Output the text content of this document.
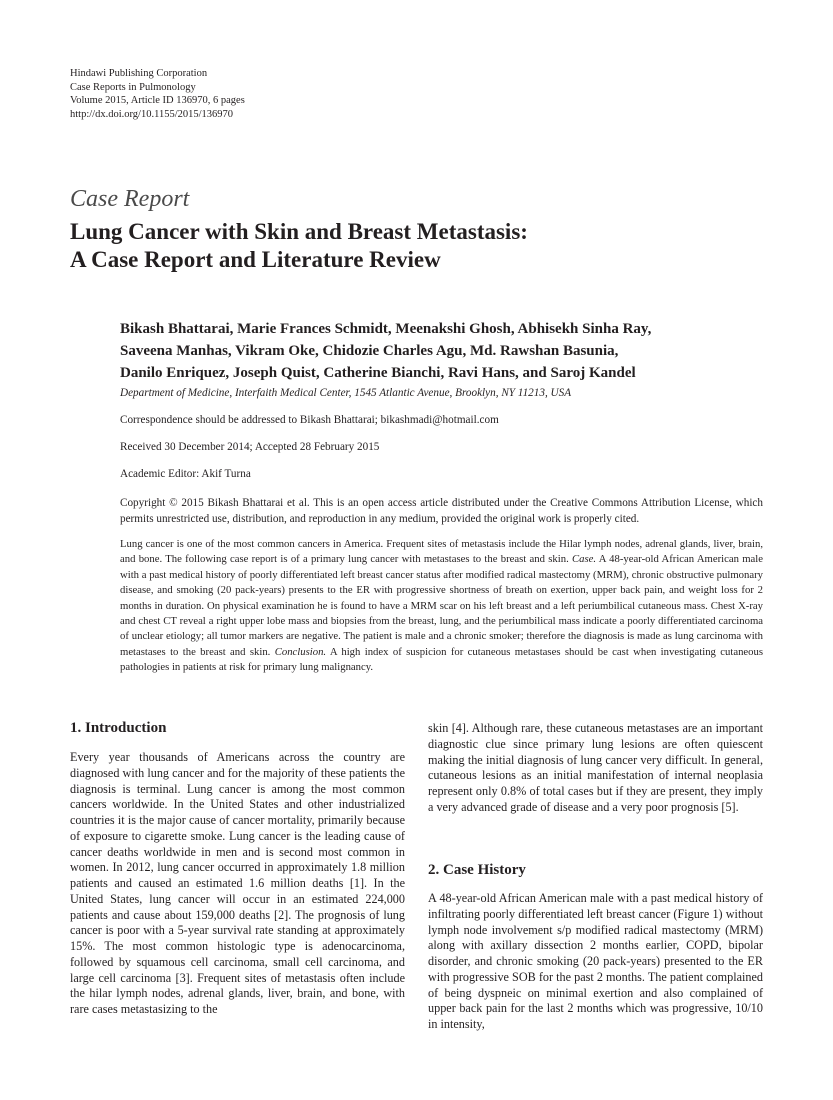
Hindawi Publishing Corporation
Case Reports in Pulmonology
Volume 2015, Article ID 136970, 6 pages
http://dx.doi.org/10.1155/2015/136970
Case Report
Lung Cancer with Skin and Breast Metastasis:
A Case Report and Literature Review
Bikash Bhattarai, Marie Frances Schmidt, Meenakshi Ghosh, Abhisekh Sinha Ray,
Saveena Manhas, Vikram Oke, Chidozie Charles Agu, Md. Rawshan Basunia,
Danilo Enriquez, Joseph Quist, Catherine Bianchi, Ravi Hans, and Saroj Kandel
Department of Medicine, Interfaith Medical Center, 1545 Atlantic Avenue, Brooklyn, NY 11213, USA
Correspondence should be addressed to Bikash Bhattarai; bikashmadi@hotmail.com
Received 30 December 2014; Accepted 28 February 2015
Academic Editor: Akif Turna
Copyright © 2015 Bikash Bhattarai et al. This is an open access article distributed under the Creative Commons Attribution License, which permits unrestricted use, distribution, and reproduction in any medium, provided the original work is properly cited.
Lung cancer is one of the most common cancers in America. Frequent sites of metastasis include the Hilar lymph nodes, adrenal glands, liver, brain, and bone. The following case report is of a primary lung cancer with metastases to the breast and skin. Case. A 48-year-old African American male with a past medical history of poorly differentiated left breast cancer status after modified radical mastectomy (MRM), chronic obstructive pulmonary disease, and smoking (20 pack-years) presents to the ER with progressive shortness of breath on exertion, upper back pain, and weight loss for 2 months in duration. On physical examination he is found to have a MRM scar on his left breast and a left periumbilical cutaneous mass. Chest X-ray and chest CT reveal a right upper lobe mass and biopsies from the breast, lung, and the periumbilical mass indicate a poorly differentiated carcinoma of unclear etiology; all tumor markers are negative. The patient is male and a chronic smoker; therefore the diagnosis is made as lung carcinoma with metastases to the breast and skin. Conclusion. A high index of suspicion for cutaneous metastases should be cast when investigating cutaneous pathologies in patients at risk for primary lung malignancy.
1. Introduction

Every year thousands of Americans across the country are diagnosed with lung cancer and for the majority of these patients the diagnosis is terminal. Lung cancer is among the most common cancers worldwide. In the United States and other industrialized countries it is the major cause of cancer mortality, primarily because of exposure to cigarette smoke. Lung cancer is the leading cause of cancer deaths worldwide in men and is second most common in women. In 2012, lung cancer occurred in approximately 1.8 million patients and caused an estimated 1.6 million deaths [1]. In the United States, lung cancer will occur in an estimated 224,000 patients and cause about 159,000 deaths [2]. The prognosis of lung cancer is poor with a 5-year survival rate standing at approximately 15%. The most common histologic type is adenocarcinoma, followed by squamous cell carcinoma, small cell carcinoma, and large cell carcinoma [3]. Frequent sites of metastasis often include the hilar lymph nodes, adrenal glands, liver, brain, and bone, with rare cases metastasizing to the

skin [4]. Although rare, these cutaneous metastases are an important diagnostic clue since primary lung lesions are often quiescent making the initial diagnosis of lung cancer very difficult. In general, cutaneous lesions as an initial manifestation of internal neoplasia represent only 0.8% of total cases but if they are present, they imply a very advanced grade of disease and a very poor prognosis [5].

2. Case History
A 48-year-old African American male with a past medical history of infiltrating poorly differentiated left breast cancer (Figure 1) without lymph node involvement s/p modified radical mastectomy (MRM) along with axillary dissection 2 months earlier, COPD, bipolar disorder, and chronic smoking (20 pack-years) presented to the ER with progressive SOB for the past 2 months. The patient complained of being dyspneic on minimal exertion and also complained of upper back pain for the last 2 months which was progressive, 10/10 in intensity,
